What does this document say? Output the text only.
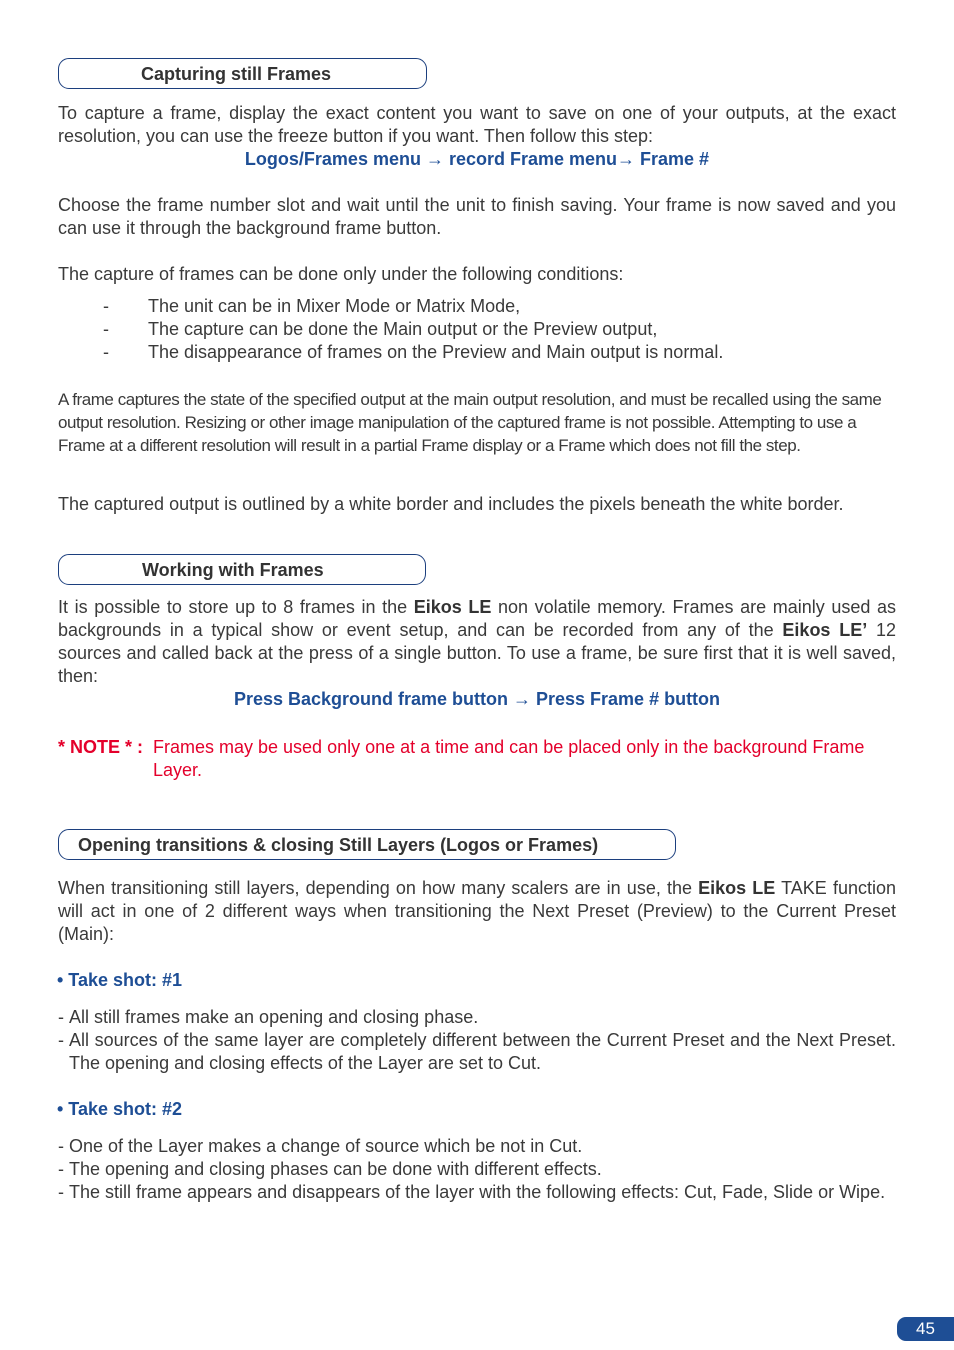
Capturing still Frames

To capture a frame, display the exact content you want to save on one of your outputs, at the exact resolution, you can use the freeze button if you want. Then follow this step:

Logos/Frames menu → record Frame menu→ Frame #

Choose the frame number slot and wait until the unit to finish saving. Your frame is now saved and you can use it through the background frame button.

The capture of frames can be done only under the following conditions:

- The unit can be in Mixer Mode or Matrix Mode,
- The capture can be done the Main output or the Preview output,
- The disappearance of frames on the Preview and Main output is normal.

A frame captures the state of the specified output at the main output resolution, and must be recalled using the same output resolution. Resizing or other image manipulation of the captured frame is not possible. Attempting to use a Frame at a different resolution will result in a partial Frame display or a Frame which does not fill the step.

The captured output is outlined by a white border and includes the pixels beneath the white border.

Working with Frames

It is possible to store up to 8 frames in the Eikos LE non volatile memory. Frames are mainly used as backgrounds in a typical show or event setup, and can be recorded from any of the Eikos LE’ 12 sources and called back at the press of a single button. To use a frame, be sure first that it is well saved, then:

Press Background frame button → Press Frame # button

* NOTE * : Frames may be used only one at a time and can be placed only in the background Frame Layer.

Opening transitions & closing Still Layers (Logos or Frames)

When transitioning still layers, depending on how many scalers are in use, the Eikos LE TAKE function will act in one of 2 different ways when transitioning the Next Preset (Preview) to the Current Preset (Main):

• Take shot: #1

- All still frames make an opening and closing phase.
- All sources of the same layer are completely different between the Current Preset and the Next Preset. The opening and closing effects of the Layer are set to Cut.

• Take shot: #2

- One of the Layer makes a change of source which be not in Cut.
- The opening and closing phases can be done with different effects.
- The still frame appears and disappears of the layer with the following effects: Cut, Fade, Slide or Wipe.
45
